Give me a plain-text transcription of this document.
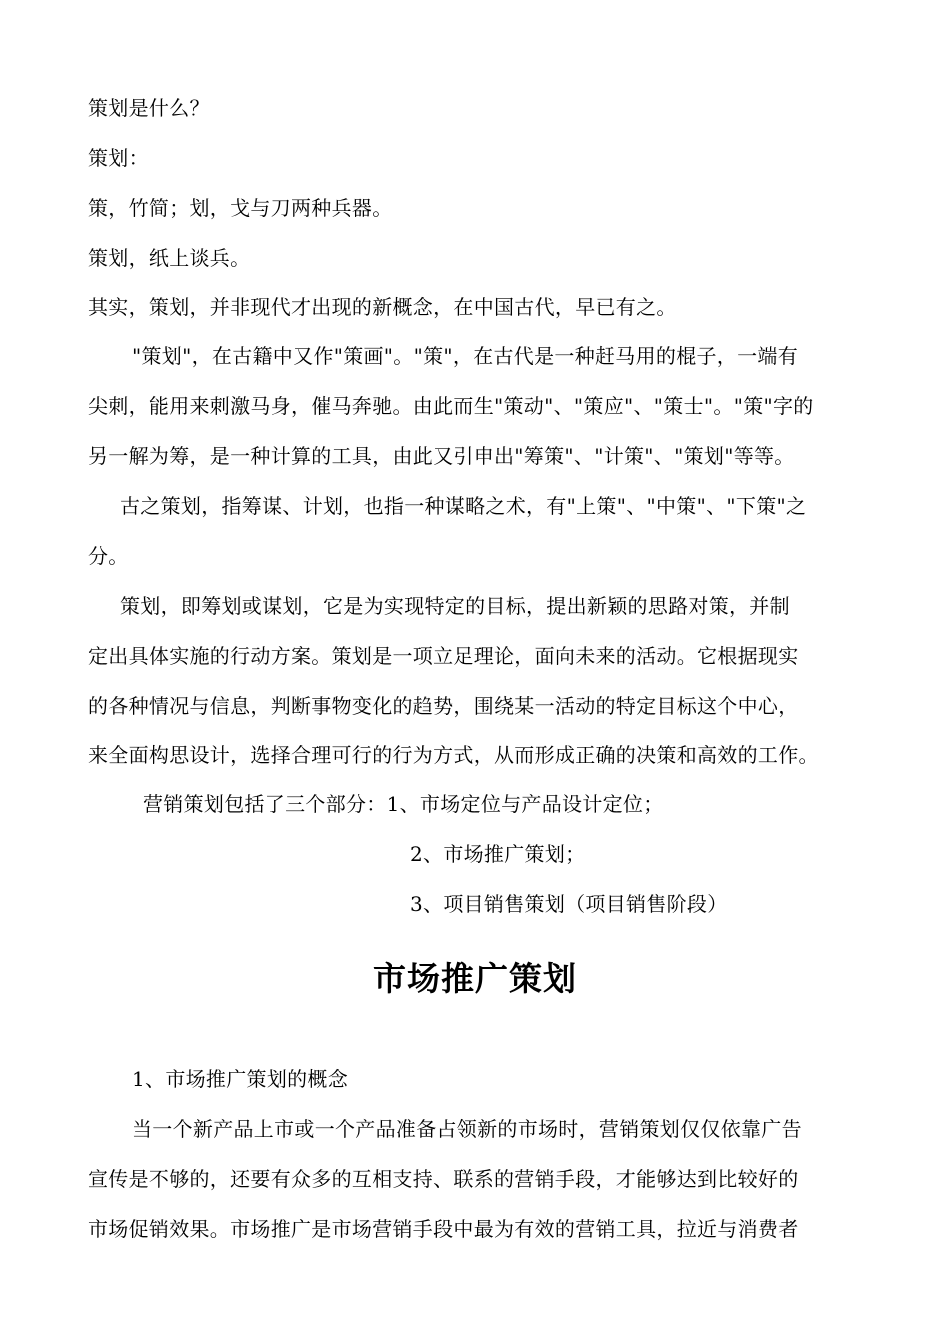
策划是什么？
策划：
策，竹简；划，戈与刀两种兵器。
策划，纸上谈兵。
其实，策划，并非现代才出现的新概念，在中国古代，早已有之。
"策划"，在古籍中又作"策画"。"策"，在古代是一种赶马用的棍子，一端有
尖刺，能用来刺激马身，催马奔驰。由此而生"策动"、"策应"、"策士"。"策"字的
另一解为筹，是一种计算的工具，由此又引申出"筹策"、"计策"、"策划"等等。
古之策划，指筹谋、计划，也指一种谋略之术，有"上策"、"中策"、"下策"之
分。
策划，即筹划或谋划，它是为实现特定的目标，提出新颖的思路对策，并制
定出具体实施的行动方案。策划是一项立足理论，面向未来的活动。它根据现实
的各种情况与信息，判断事物变化的趋势，围绕某一活动的特定目标这个中心，
来全面构思设计，选择合理可行的行为方式，从而形成正确的决策和高效的工作。
营销策划包括了三个部分：1、市场定位与产品设计定位；
2、市场推广策划；
3、项目销售策划（项目销售阶段）
市场推广策划
1、市场推广策划的概念
当一个新产品上市或一个产品准备占领新的市场时，营销策划仅仅依靠广告
宣传是不够的，还要有众多的互相支持、联系的营销手段，才能够达到比较好的
市场促销效果。市场推广是市场营销手段中最为有效的营销工具，拉近与消费者
